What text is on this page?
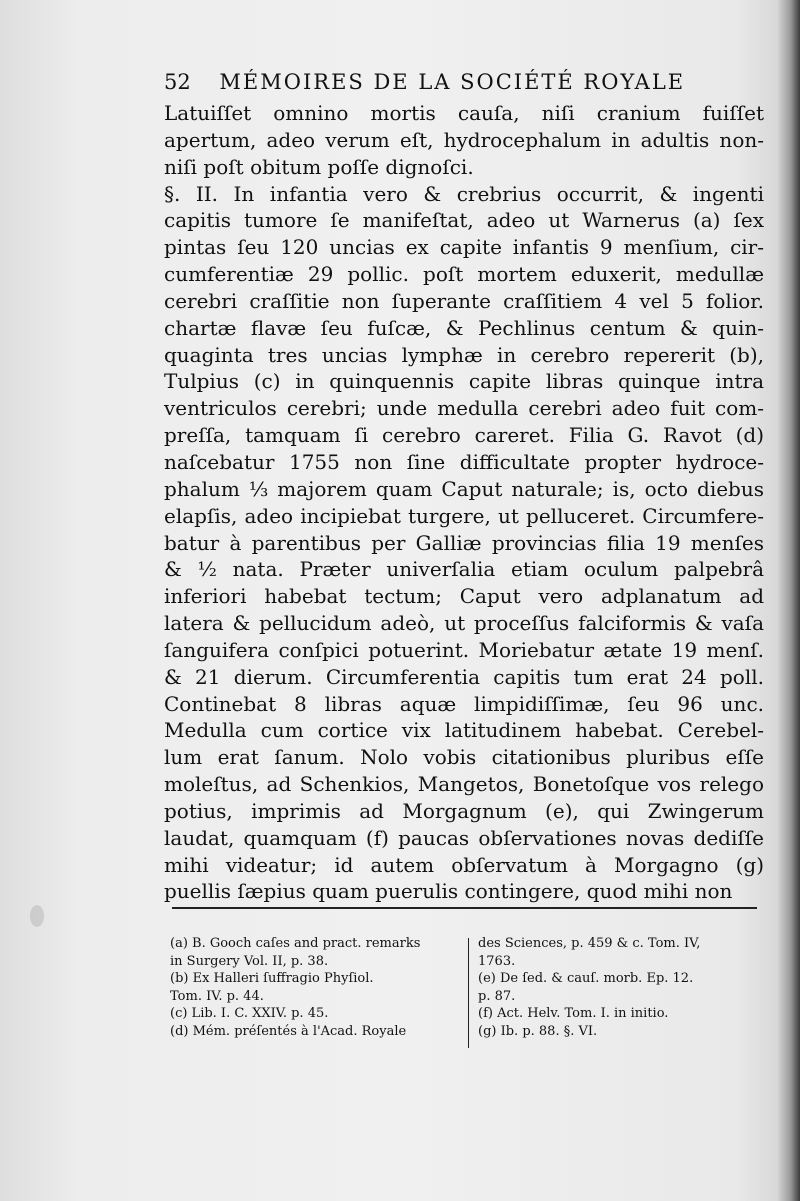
52 MÉMOIRES DE LA SOCIÉTÉ ROYALE
Latuiſſet omnino mortis cauſa, niſi cranium fuiſſet
apertum, adeo verum eſt, hydrocephalum in adultis non-
niſi poſt obitum poſſe dignoſci.
§. II. In infantia vero & crebrius occurrit, & ingenti
capitis tumore ſe manifeſtat, adeo ut Warnerus (a) ſex
pintas ſeu 120 uncias ex capite infantis 9 menſium, cir-
cumferentiæ 29 pollic. poſt mortem eduxerit, medullæ
cerebri craſſitie non ſuperante craſſitiem 4 vel 5 folior.
chartæ flavæ ſeu fuſcæ, & Pechlinus centum & quin-
quaginta tres uncias lymphæ in cerebro repererit (b),
Tulpius (c) in quinquennis capite libras quinque intra
ventriculos cerebri; unde medulla cerebri adeo fuit com-
preſſa, tamquam ſi cerebro careret. Filia G. Ravot (d)
naſcebatur 1755 non ſine difficultate propter hydroce-
phalum ⅓ majorem quam Caput naturale; is, octo diebus
elapſis, adeo incipiebat turgere, ut pelluceret. Circumfere-
batur à parentibus per Galliæ provincias filia 19 menſes
& ½ nata. Præter univerſalia etiam oculum palpebrâ
inferiori habebat tectum; Caput vero adplanatum ad
latera & pellucidum adeò, ut proceſſus falciformis & vaſa
ſanguifera conſpici potuerint. Moriebatur ætate 19 menſ.
& 21 dierum. Circumferentia capitis tum erat 24 poll.
Continebat 8 libras aquæ limpidiſſimæ, ſeu 96 unc.
Medulla cum cortice vix latitudinem habebat. Cerebel-
lum erat ſanum. Nolo vobis citationibus pluribus eſſe
moleſtus, ad Schenkios, Mangetos, Bonetoſque vos relego
potius, imprimis ad Morgagnum (e), qui Zwingerum
laudat, quamquam (f) paucas obſervationes novas dediſſe
mihi videatur; id autem obſervatum à Morgagno (g)
puellis ſæpius quam puerulis contingere, quod mihi non
(a) B. Gooch caſes and pract. remarks
in Surgery Vol. II, p. 38.
(b) Ex Halleri ſuffragio Phyſiol.
Tom. IV. p. 44.
(c) Lib. I. C. XXIV. p. 45.
(d) Mém. préſentés à l'Acad. Royale
des Sciences, p. 459 & c. Tom. IV,
1763.
(e) De ſed. & cauſ. morb. Ep. 12.
p. 87.
(f) Act. Helv. Tom. I. in initio.
(g) Ib. p. 88. §. VI.
